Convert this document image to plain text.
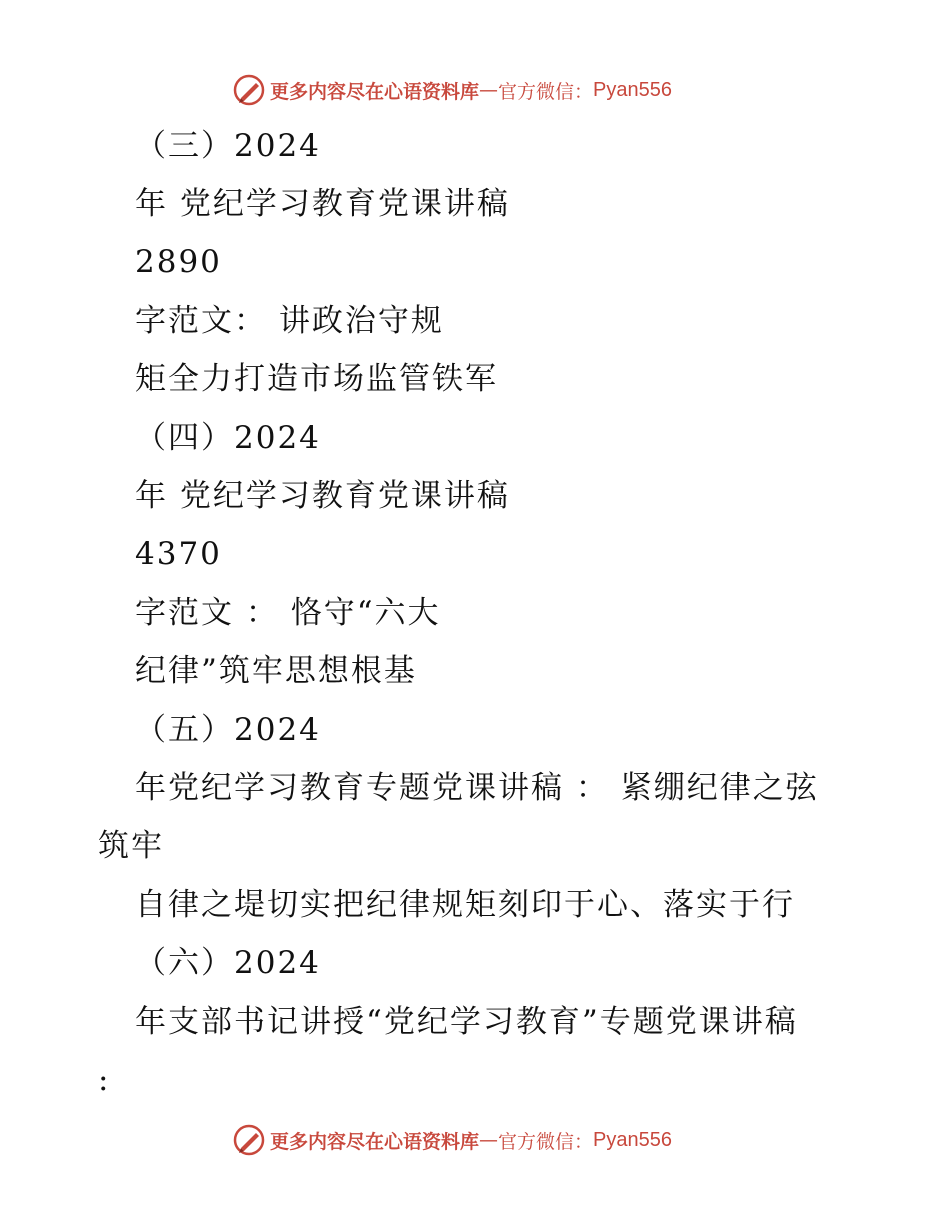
更多内容尽在心语资料库 — 官方微信： Pyan556
（三）2024
年 党纪学习教育党课讲稿
2890
字范文： 讲政治守规
矩全力打造市场监管铁军
（四）2024
年 党纪学习教育党课讲稿
4370
字范文 ： 恪守“六大
纪律”筑牢思想根基
（五）2024
年党纪学习教育专题党课讲稿 ： 紧绷纪律之弦
筑牢
自律之堤切实把纪律规矩刻印于心、落实于行
（六）2024
年支部书记讲授“党纪学习教育”专题党课讲稿
:
更多内容尽在心语资料库 — 官方微信： Pyan556
